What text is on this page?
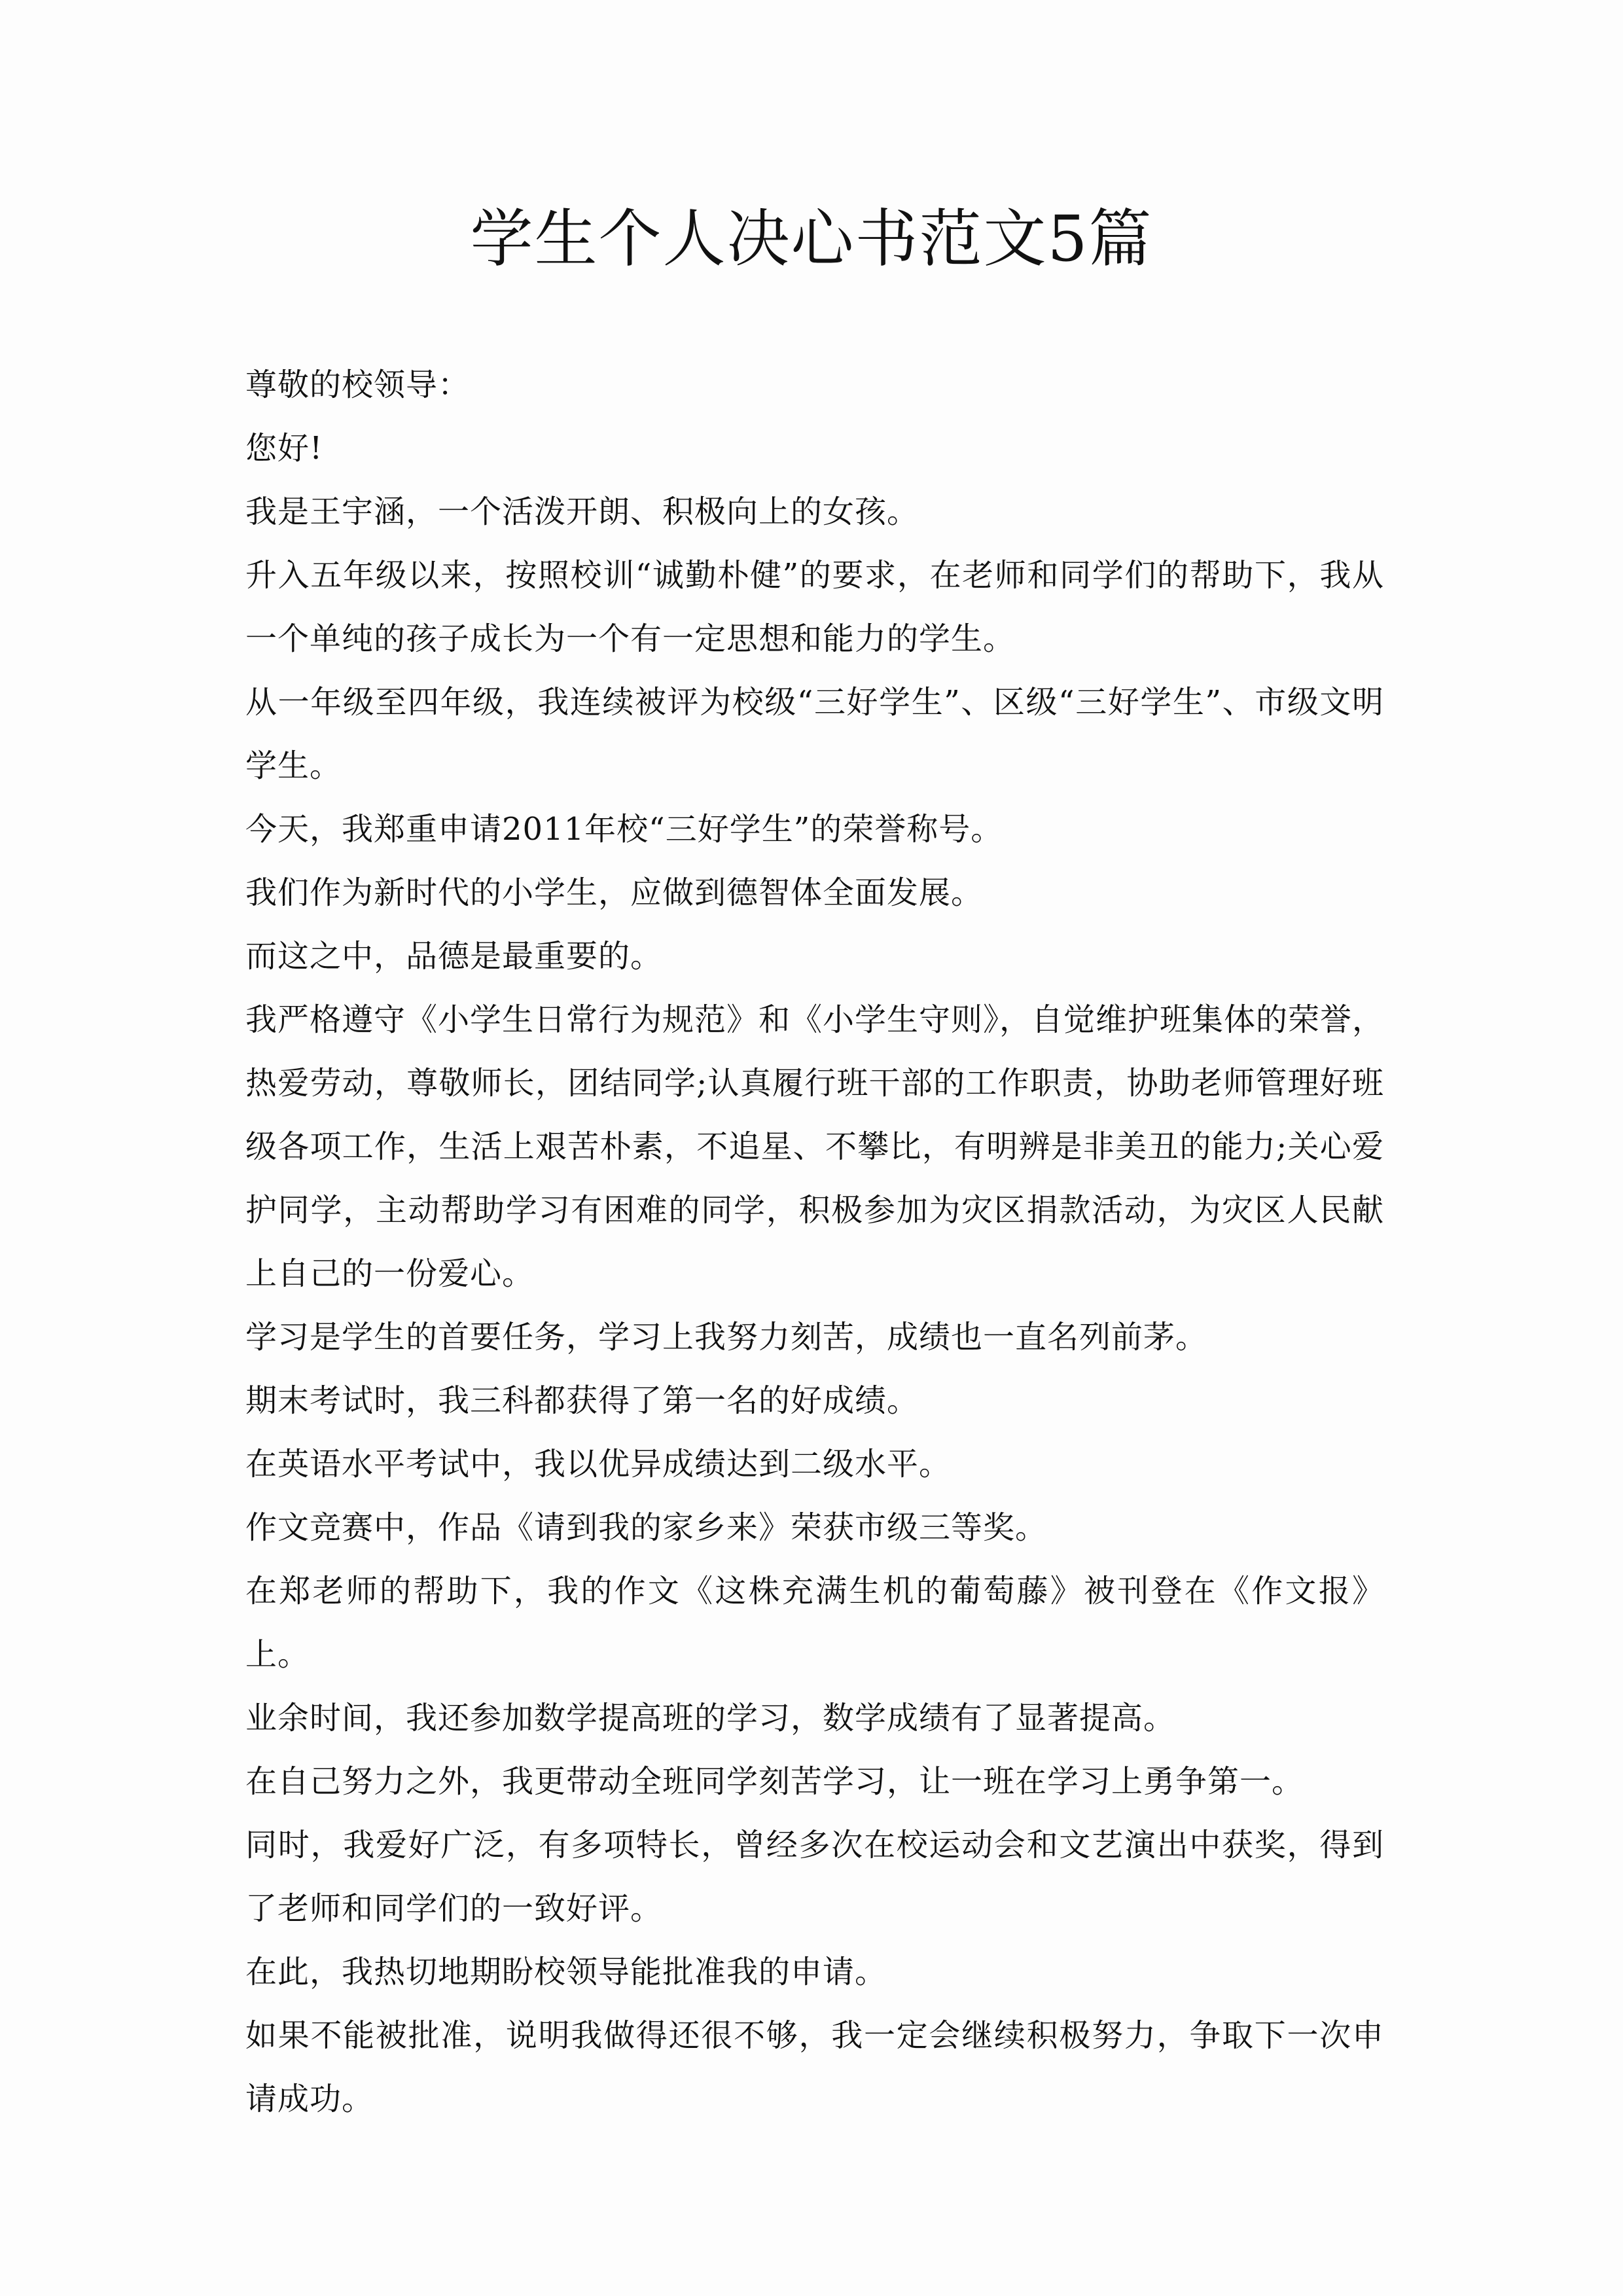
学生个人决心书范文5篇

尊敬的校领导：

您好!

我是王宇涵，一个活泼开朗、积极向上的女孩。

升入五年级以来，按照校训“诚勤朴健”的要求，在老师和同学们的帮助下，我从一个单纯的孩子成长为一个有一定思想和能力的学生。

从一年级至四年级，我连续被评为校级“三好学生”、区级“三好学生”、市级文明学生。

今天，我郑重申请2011年校“三好学生”的荣誉称号。

我们作为新时代的小学生，应做到德智体全面发展。

而这之中，品德是最重要的。

我严格遵守《小学生日常行为规范》和《小学生守则》，自觉维护班集体的荣誉，热爱劳动，尊敬师长，团结同学;认真履行班干部的工作职责，协助老师管理好班级各项工作，生活上艰苦朴素，不追星、不攀比，有明辨是非美丑的能力;关心爱护同学，主动帮助学习有困难的同学，积极参加为灾区捐款活动，为灾区人民献上自己的一份爱心。

学习是学生的首要任务，学习上我努力刻苦，成绩也一直名列前茅。

期末考试时，我三科都获得了第一名的好成绩。

在英语水平考试中，我以优异成绩达到二级水平。

作文竞赛中，作品《请到我的家乡来》荣获市级三等奖。

在郑老师的帮助下，我的作文《这株充满生机的葡萄藤》被刊登在《作文报》上。

业余时间，我还参加数学提高班的学习，数学成绩有了显著提高。

在自己努力之外，我更带动全班同学刻苦学习，让一班在学习上勇争第一。

同时，我爱好广泛，有多项特长，曾经多次在校运动会和文艺演出中获奖，得到了老师和同学们的一致好评。

在此，我热切地期盼校领导能批准我的申请。

如果不能被批准，说明我做得还很不够，我一定会继续积极努力，争取下一次申请成功。
